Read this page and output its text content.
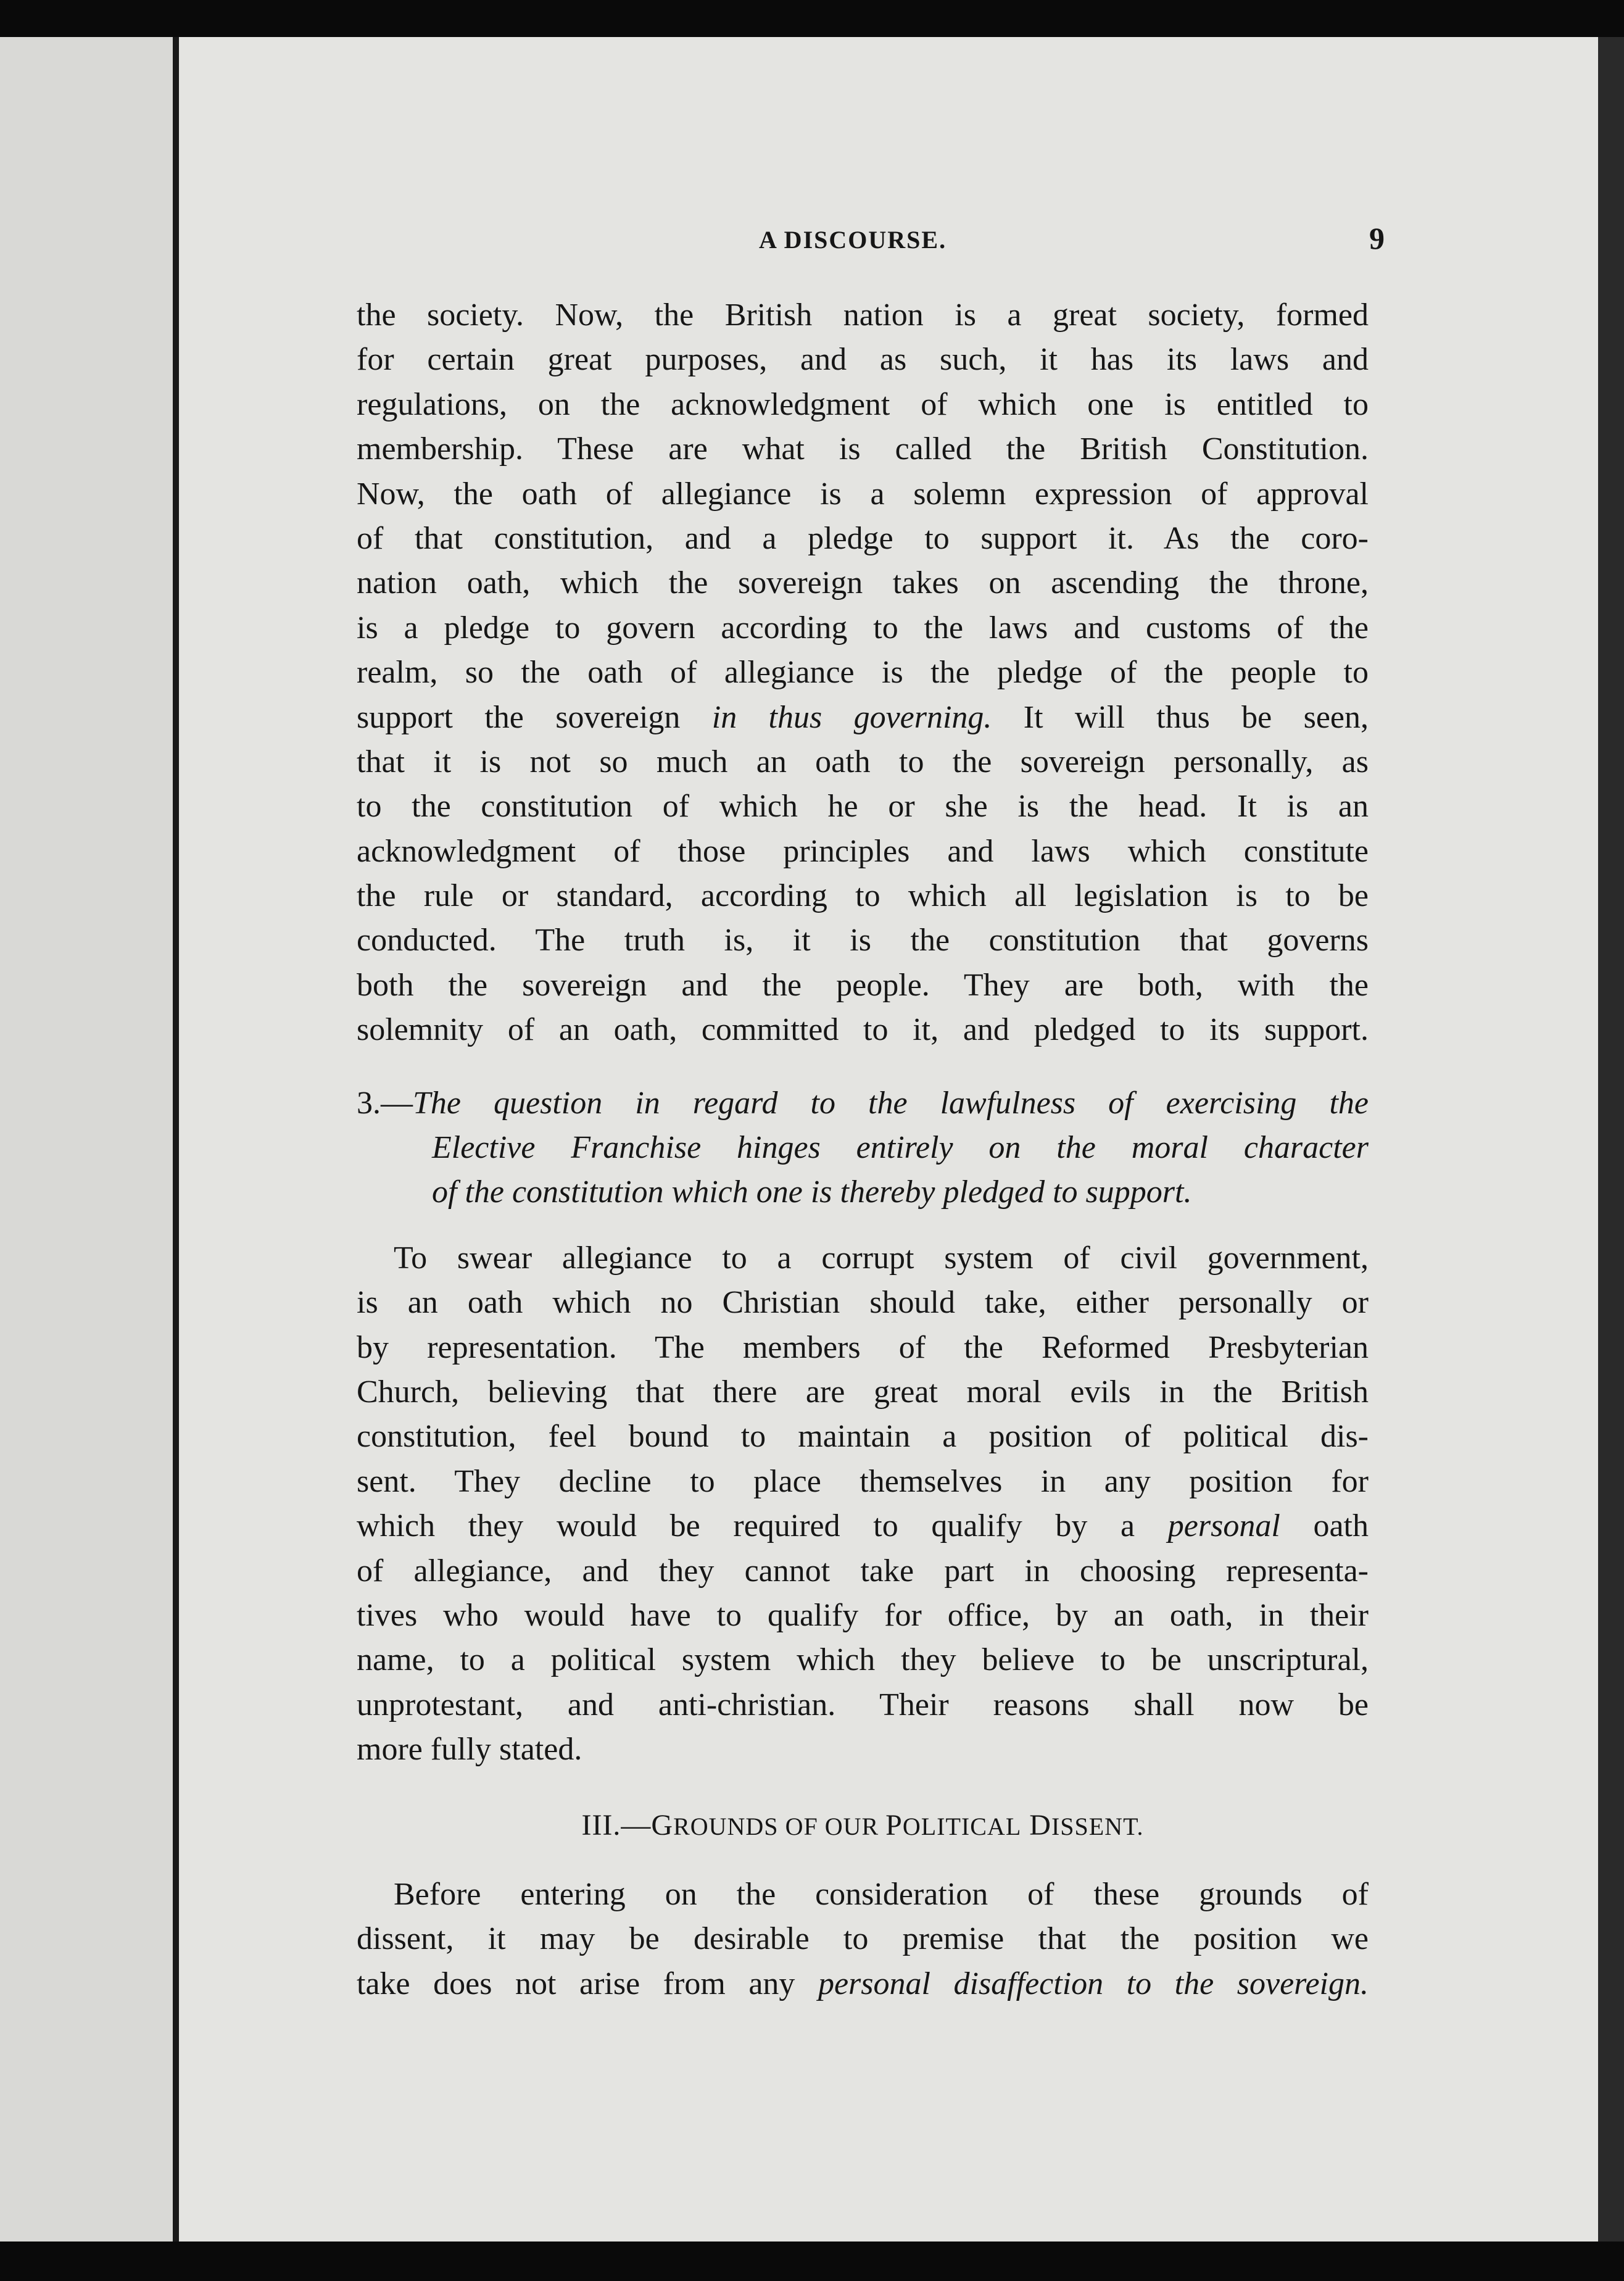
A DISCOURSE.	9
the society. Now, the British nation is a great society, formed
for certain great purposes, and as such, it has its laws and
regulations, on the acknowledgment of which one is entitled to
membership. These are what is called the British Constitution.
Now, the oath of allegiance is a solemn expression of approval
of that constitution, and a pledge to support it. As the coro-
nation oath, which the sovereign takes on ascending the throne,
is a pledge to govern according to the laws and customs of the
realm, so the oath of allegiance is the pledge of the people to
support the sovereign in thus governing. It will thus be seen,
that it is not so much an oath to the sovereign personally, as
to the constitution of which he or she is the head. It is an
acknowledgment of those principles and laws which constitute
the rule or standard, according to which all legislation is to be
conducted. The truth is, it is the constitution that governs
both the sovereign and the people. They are both, with the
solemnity of an oath, committed to it, and pledged to its support.
3.—The question in regard to the lawfulness of exercising the
Elective Franchise hinges entirely on the moral character
of the constitution which one is thereby pledged to support.
To swear allegiance to a corrupt system of civil government,
is an oath which no Christian should take, either personally or
by representation. The members of the Reformed Presbyterian
Church, believing that there are great moral evils in the British
constitution, feel bound to maintain a position of political dis-
sent. They decline to place themselves in any position for
which they would be required to qualify by a personal oath
of allegiance, and they cannot take part in choosing representa-
tives who would have to qualify for office, by an oath, in their
name, to a political system which they believe to be unscriptural,
unprotestant, and anti-christian. Their reasons shall now be
more fully stated.
III.—GROUNDS OF OUR POLITICAL DISSENT.
Before entering on the consideration of these grounds of
dissent, it may be desirable to premise that the position we
take does not arise from any personal disaffection to the sovereign.
